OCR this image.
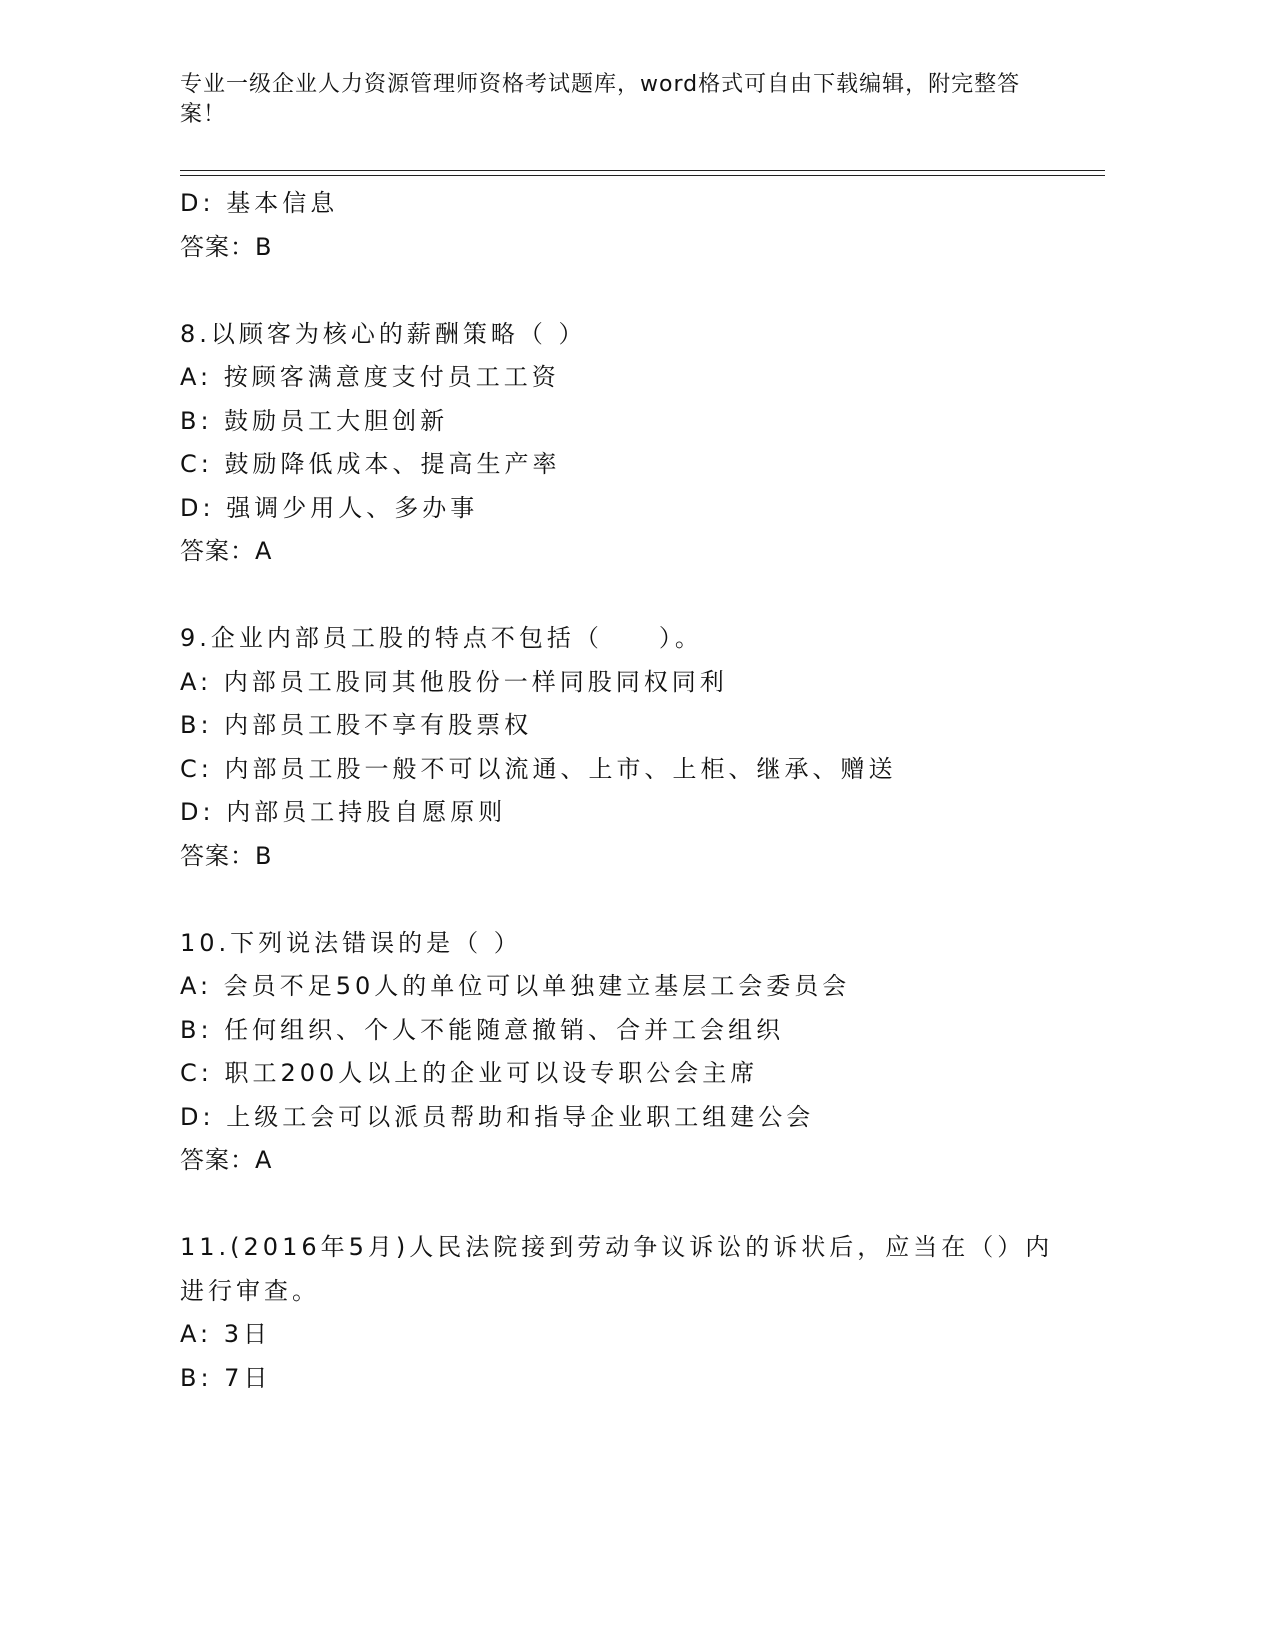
专业一级企业人力资源管理师资格考试题库，word格式可自由下载编辑，附完整答案！
D: 基本信息
答案：B
8.以顾客为核心的薪酬策略（ ）
A: 按顾客满意度支付员工工资
B: 鼓励员工大胆创新
C: 鼓励降低成本、提高生产率
D: 强调少用人、多办事
答案：A
9.企业内部员工股的特点不包括（　　）。
A: 内部员工股同其他股份一样同股同权同利
B: 内部员工股不享有股票权
C: 内部员工股一般不可以流通、上市、上柜、继承、赠送
D: 内部员工持股自愿原则
答案：B
10.下列说法错误的是（ ）
A: 会员不足50人的单位可以单独建立基层工会委员会
B: 任何组织、个人不能随意撤销、合并工会组织
C: 职工200人以上的企业可以设专职公会主席
D: 上级工会可以派员帮助和指导企业职工组建公会
答案：A
11.(2016年5月)人民法院接到劳动争议诉讼的诉状后，应当在（）内
进行审查。
A: 3日
B: 7日
